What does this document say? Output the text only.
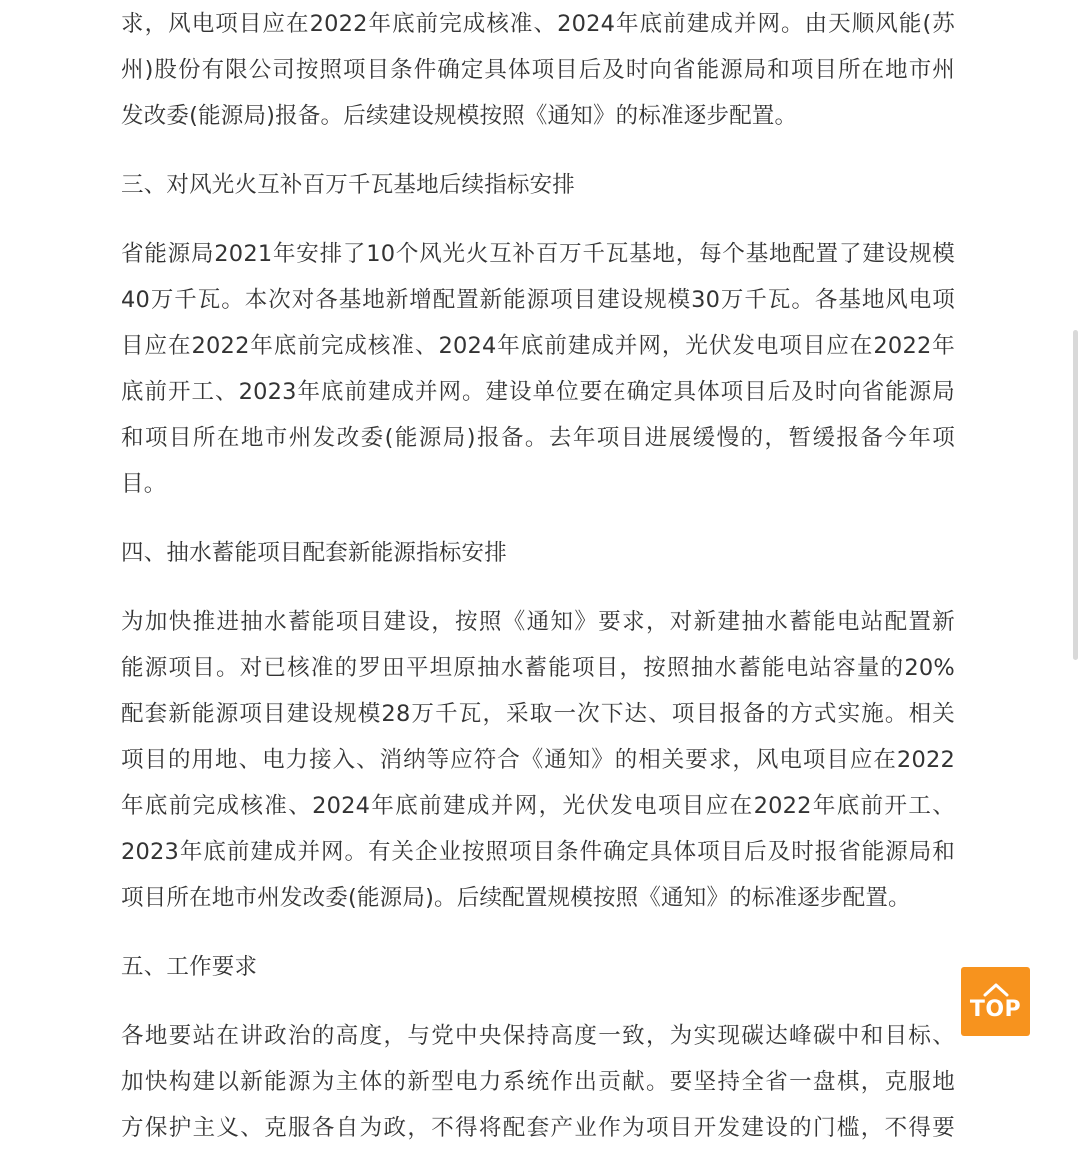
求，风电项目应在2022年底前完成核准、2024年底前建成并网。由天顺风能(苏
州)股份有限公司按照项目条件确定具体项目后及时向省能源局和项目所在地市州
发改委(能源局)报备。后续建设规模按照《通知》的标准逐步配置。
三、对风光火互补百万千瓦基地后续指标安排
省能源局2021年安排了10个风光火互补百万千瓦基地，每个基地配置了建设规模
40万千瓦。本次对各基地新增配置新能源项目建设规模30万千瓦。各基地风电项
目应在2022年底前完成核准、2024年底前建成并网，光伏发电项目应在2022年
底前开工、2023年底前建成并网。建设单位要在确定具体项目后及时向省能源局
和项目所在地市州发改委(能源局)报备。去年项目进展缓慢的，暂缓报备今年项
目。
四、抽水蓄能项目配套新能源指标安排
为加快推进抽水蓄能项目建设，按照《通知》要求，对新建抽水蓄能电站配置新
能源项目。对已核准的罗田平坦原抽水蓄能项目，按照抽水蓄能电站容量的20%
配套新能源项目建设规模28万千瓦，采取一次下达、项目报备的方式实施。相关
项目的用地、电力接入、消纳等应符合《通知》的相关要求，风电项目应在2022
年底前完成核准、2024年底前建成并网，光伏发电项目应在2022年底前开工、
2023年底前建成并网。有关企业按照项目条件确定具体项目后及时报省能源局和
项目所在地市州发改委(能源局)。后续配置规模按照《通知》的标准逐步配置。
五、工作要求
各地要站在讲政治的高度，与党中央保持高度一致，为实现碳达峰碳中和目标、
加快构建以新能源为主体的新型电力系统作出贡献。要坚持全省一盘棋，克服地
方保护主义、克服各自为政，不得将配套产业作为项目开发建设的门槛，不得要
TOP
